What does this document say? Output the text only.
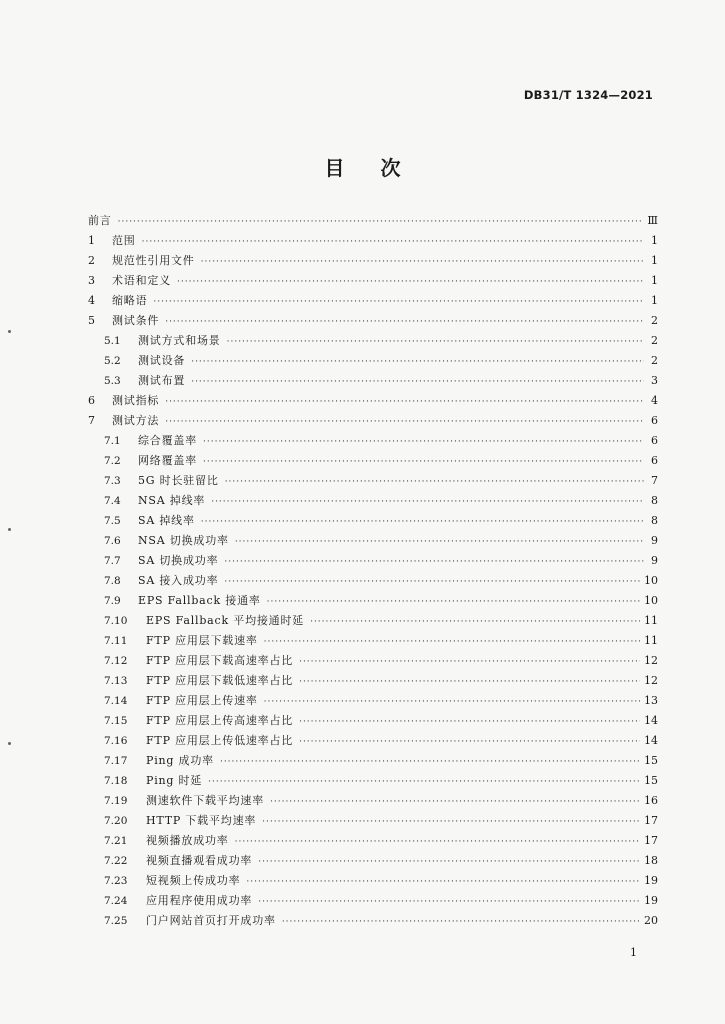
DB31/T 1324—2021
目 次
前言 ·····	Ⅲ
1	范围 ·····	1
2	规范性引用文件 ·····	1
3	术语和定义 ·····	1
4	缩略语 ·····	1
5	测试条件 ·····	2
5.1	测试方式和场景 ·····	2
5.2	测试设备 ·····	2
5.3	测试布置 ·····	3
6	测试指标 ·····	4
7	测试方法 ·····	6
7.1	综合覆盖率 ·····	6
7.2	网络覆盖率 ·····	6
7.3	5G 时长驻留比 ·····	7
7.4	NSA 掉线率 ·····	8
7.5	SA 掉线率 ·····	8
7.6	NSA 切换成功率 ·····	9
7.7	SA 切换成功率 ·····	9
7.8	SA 接入成功率 ·····	10
7.9	EPS Fallback 接通率 ·····	10
7.10	EPS Fallback 平均接通时延 ·····	11
7.11	FTP 应用层下载速率 ·····	11
7.12	FTP 应用层下载高速率占比 ·····	12
7.13	FTP 应用层下载低速率占比 ·····	12
7.14	FTP 应用层上传速率 ·····	13
7.15	FTP 应用层上传高速率占比 ·····	14
7.16	FTP 应用层上传低速率占比 ·····	14
7.17	Ping 成功率 ·····	15
7.18	Ping 时延 ·····	15
7.19	测速软件下载平均速率 ·····	16
7.20	HTTP 下载平均速率 ·····	17
7.21	视频播放成功率 ·····	17
7.22	视频直播观看成功率 ·····	18
7.23	短视频上传成功率 ·····	19
7.24	应用程序使用成功率 ·····	19
7.25	门户网站首页打开成功率 ·····	20
1
